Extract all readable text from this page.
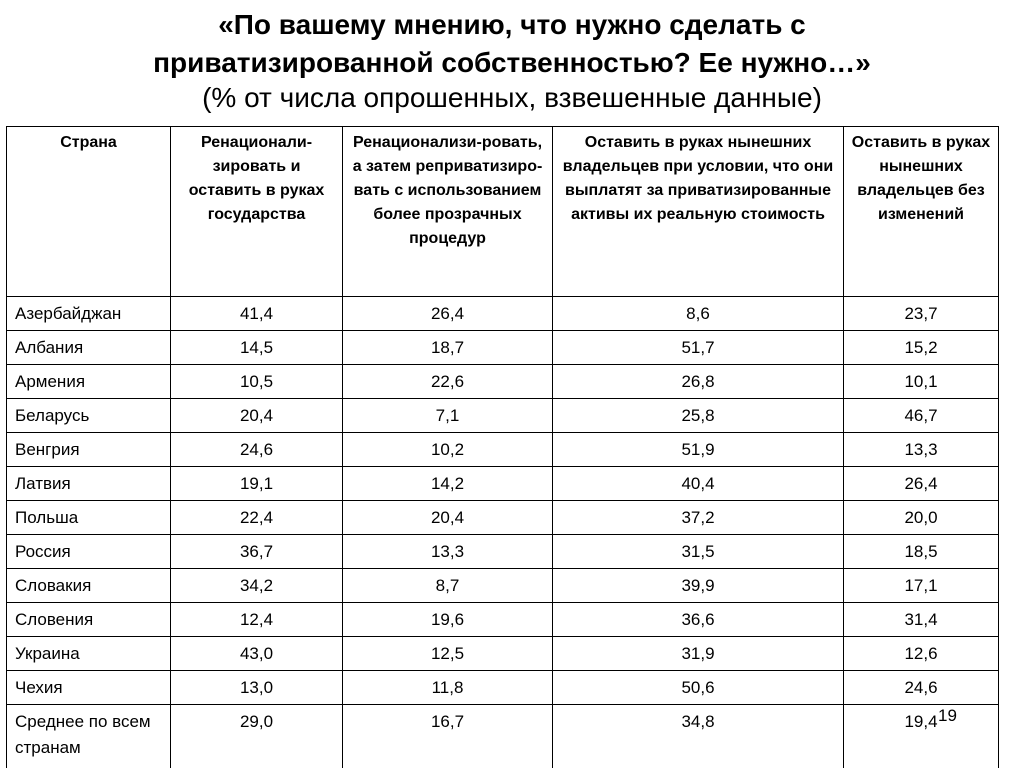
«По вашему мнению, что нужно сделать с
приватизированной собственностью? Ее нужно…»
(% от числа опрошенных, взвешенные данные)
Страна	Ренационали-зировать и оставить в руках государства	Ренационализи-ровать, а затем реприватизиро-вать с использованием более прозрачных процедур	Оставить в руках нынешних владельцев при условии, что они выплатят за приватизированные активы их реальную стоимость	Оставить в руках нынешних владельцев без изменений
Азербайджан	41,4	26,4	8,6	23,7
Албания	14,5	18,7	51,7	15,2
Армения	10,5	22,6	26,8	10,1
Беларусь	20,4	7,1	25,8	46,7
Венгрия	24,6	10,2	51,9	13,3
Латвия	19,1	14,2	40,4	26,4
Польша	22,4	20,4	37,2	20,0
Россия	36,7	13,3	31,5	18,5
Словакия	34,2	8,7	39,9	17,1
Словения	12,4	19,6	36,6	31,4
Украина	43,0	12,5	31,9	12,6
Чехия	13,0	11,8	50,6	24,6
Среднее по всем странам	29,0	16,7	34,8	19,4 19
